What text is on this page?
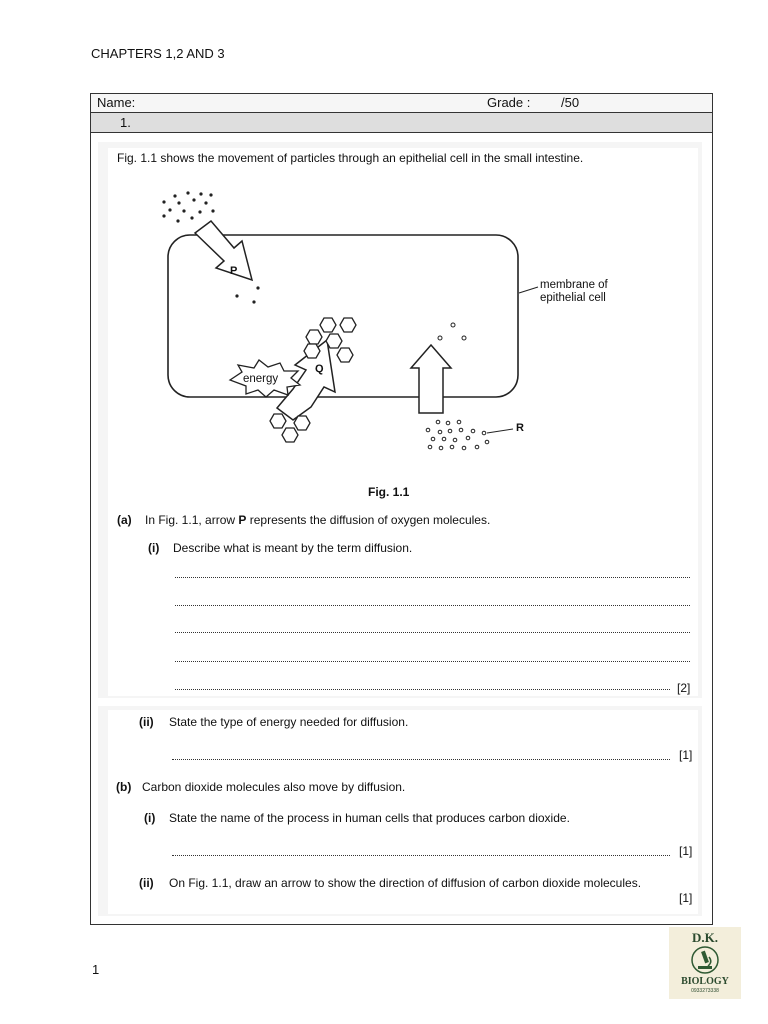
CHAPTERS 1,2 AND 3
Name:	Grade : /50
1.
Fig. 1.1 shows the movement of particles through an epithelial cell in the small intestine.
P
Q
R
energy
membrane of
epithelial cell
Fig. 1.1
(a) In Fig. 1.1, arrow P represents the diffusion of oxygen molecules.
(i) Describe what is meant by the term diffusion.
[2]
(ii) State the type of energy needed for diffusion.
[1]
(b) Carbon dioxide molecules also move by diffusion.
(i) State the name of the process in human cells that produces carbon dioxide.
[1]
(ii) On Fig. 1.1, draw an arrow to show the direction of diffusion of carbon dioxide molecules.
[1]
1
D.K.
BIOLOGY
0933273338
